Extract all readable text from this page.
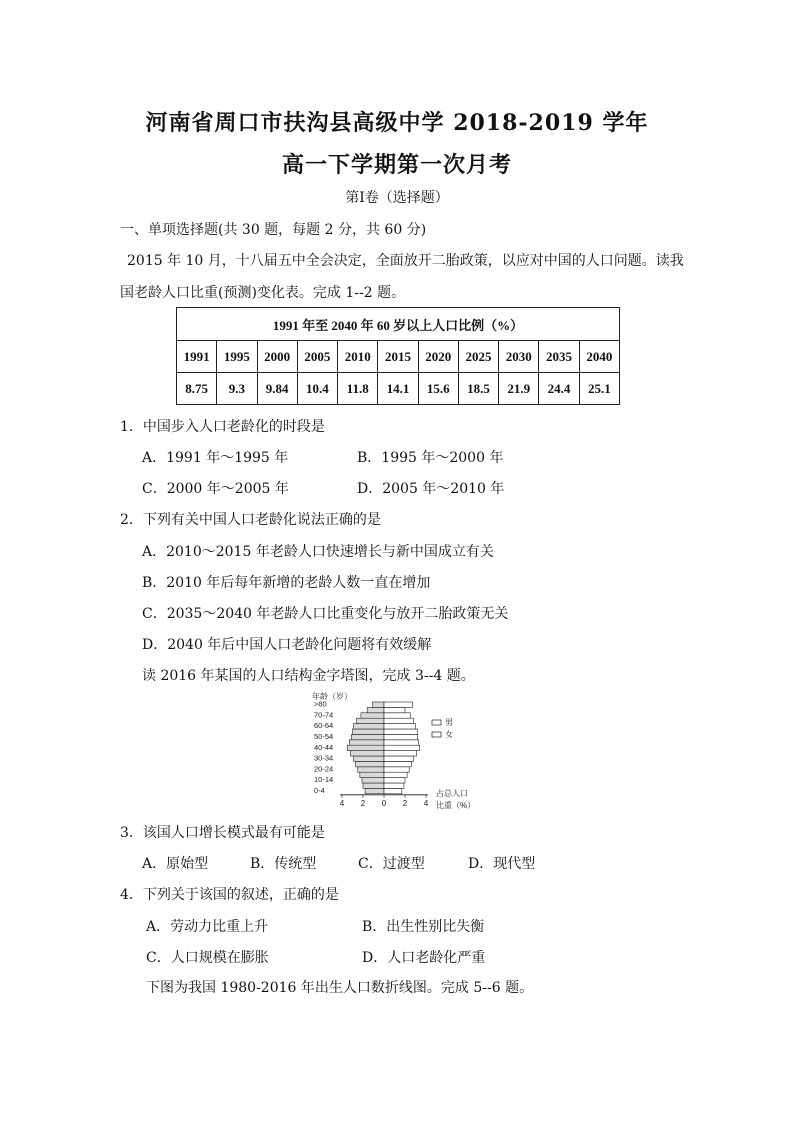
河南省周口市扶沟县高级中学 2018-2019 学年
高一下学期第一次月考
第Ⅰ卷（选择题）
一、单项选择题(共 30 题，每题 2 分，共 60 分)
2015 年 10 月，十八届五中全会决定，全面放开二胎政策，以应对中国的人口问题。读我
国老龄人口比重(预测)变化表。完成 1--2 题。
1991 年至 2040 年 60 岁以上人口比例（%）										
1991	1995	2000	2005	2010	2015	2020	2025	2030	2035	2040
8.75	9.3	9.84	10.4	11.8	14.1	15.6	18.5	21.9	24.4	25.1
1．中国步入人口老龄化的时段是
A．1991 年～1995 年	B．1995 年～2000 年
C．2000 年～2005 年	D．2005 年～2010 年
2．下列有关中国人口老龄化说法正确的是
A．2010～2015 年老龄人口快速增长与新中国成立有关
B．2010 年后每年新增的老龄人数一直在增加
C．2035～2040 年老龄人口比重变化与放开二胎政策无关
D．2040 年后中国人口老龄化问题将有效缓解
读 2016 年某国的人口结构金字塔图，完成 3--4 题。
年龄（岁）
>80
70-74
60-64
50-54
40-44
30-34
20-24
10-14
0-4
4 2 0 2 4
男
女
占总人口
比重（%）
3．该国人口增长模式最有可能是
A．原始型	B．传统型	C．过渡型	D．现代型
4．下列关于该国的叙述，正确的是
A．劳动力比重上升	B．出生性别比失衡
C．人口规模在膨胀	D．人口老龄化严重
下图为我国 1980-2016 年出生人口数折线图。完成 5--6 题。
